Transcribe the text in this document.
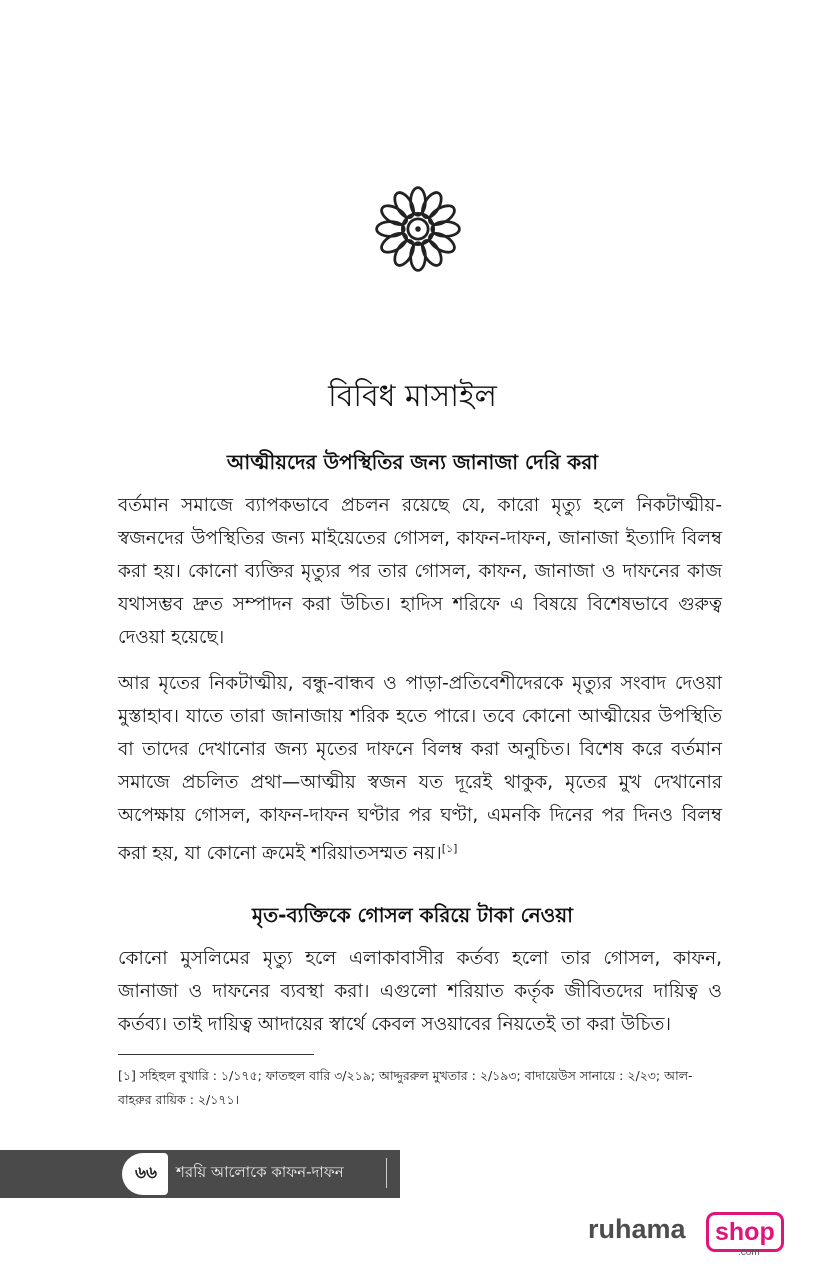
বিবিধ মাসাইল
আত্মীয়দের উপস্থিতির জন্য জানাজা দেরি করা
বর্তমান সমাজে ব্যাপকভাবে প্রচলন রয়েছে যে, কারো মৃত্যু হলে নিকটাত্মীয়-স্বজনদের উপস্থিতির জন্য মাইয়েতের গোসল, কাফন-দাফন, জানাজা ইত্যাদি বিলম্ব করা হয়। কোনো ব্যক্তির মৃত্যুর পর তার গোসল, কাফন, জানাজা ও দাফনের কাজ যথাসম্ভব দ্রুত সম্পাদন করা উচিত। হাদিস শরিফে এ বিষয়ে বিশেষভাবে গুরুত্ব দেওয়া হয়েছে।
আর মৃতের নিকটাত্মীয়, বন্ধু-বান্ধব ও পাড়া-প্রতিবেশীদেরকে মৃত্যুর সংবাদ দেওয়া মুস্তাহাব। যাতে তারা জানাজায় শরিক হতে পারে। তবে কোনো আত্মীয়ের উপস্থিতি বা তাদের দেখানোর জন্য মৃতের দাফনে বিলম্ব করা অনুচিত। বিশেষ করে বর্তমান সমাজে প্রচলিত প্রথা—আত্মীয় স্বজন যত দূরেই থাকুক, মৃতের মুখ দেখানোর অপেক্ষায় গোসল, কাফন-দাফন ঘণ্টার পর ঘণ্টা, এমনকি দিনের পর দিনও বিলম্ব করা হয়, যা কোনো ক্রমেই শরিয়াতসম্মত নয়।[১]
মৃত-ব্যক্তিকে গোসল করিয়ে টাকা নেওয়া
কোনো মুসলিমের মৃত্যু হলে এলাকাবাসীর কর্তব্য হলো তার গোসল, কাফন, জানাজা ও দাফনের ব্যবস্থা করা। এগুলো শরিয়াত কর্তৃক জীবিতদের দায়িত্ব ও কর্তব্য। তাই দায়িত্ব আদায়ের স্বার্থে কেবল সওয়াবের নিয়তেই তা করা উচিত।
[১] সহিহুল বুখারি : ১/১৭৫; ফাতহুল বারি ৩/২১৯; আদ্দুররুল মুখতার : ২/১৯৩; বাদায়েউস সানায়ে : ২/২৩; আল-বাহরুর রায়িক : ২/১৭১।
৬৬	শরয়ি আলোকে কাফন-দাফন
ruhama	shop
.com
